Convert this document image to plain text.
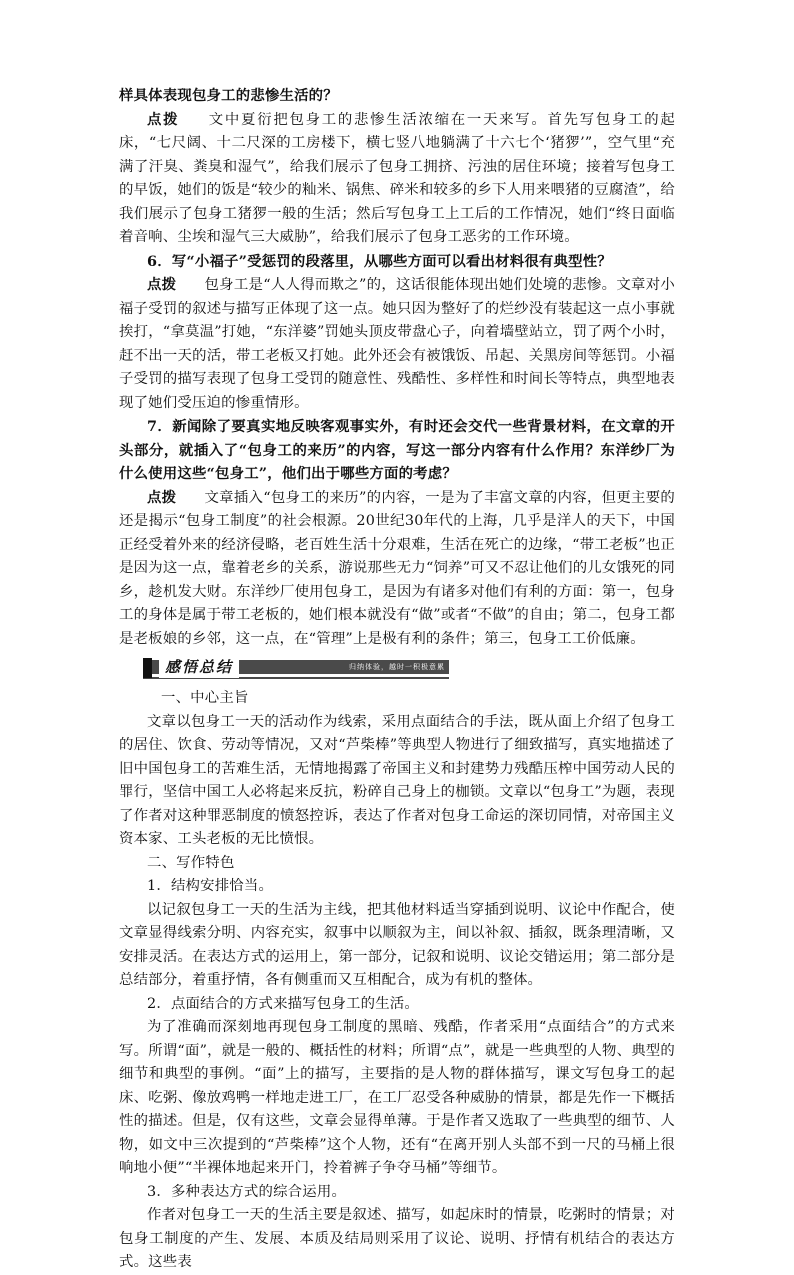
样具体表现包身工的悲惨生活的？

点拨 文中夏衍把包身工的悲惨生活浓缩在一天来写。首先写包身工的起床，“七尺阔、十二尺深的工房楼下，横七竖八地躺满了十六七个‘猪猡’”，空气里“充满了汗臭、粪臭和湿气”，给我们展示了包身工拥挤、污浊的居住环境；接着写包身工的早饭，她们的饭是“较少的籼米、锅焦、碎米和较多的乡下人用来喂猪的豆腐渣”，给我们展示了包身工猪猡一般的生活；然后写包身工上工后的工作情况，她们“终日面临着音响、尘埃和湿气三大威胁”，给我们展示了包身工恶劣的工作环境。

6．写“小福子”受惩罚的段落里，从哪些方面可以看出材料很有典型性？

点拨 包身工是“人人得而欺之”的，这话很能体现出她们处境的悲惨。文章对小福子受罚的叙述与描写正体现了这一点。她只因为整好了的烂纱没有装起这一点小事就挨打，“拿莫温”打她，“东洋婆”罚她头顶皮带盘心子，向着墙壁站立，罚了两个小时，赶不出一天的活，带工老板又打她。此外还会有被饿饭、吊起、关黑房间等惩罚。小福子受罚的描写表现了包身工受罚的随意性、残酷性、多样性和时间长等特点，典型地表现了她们受压迫的惨重情形。

7．新闻除了要真实地反映客观事实外，有时还会交代一些背景材料，在文章的开头部分，就插入了“包身工的来历”的内容，写这一部分内容有什么作用？东洋纱厂为什么使用这些“包身工”，他们出于哪些方面的考虑？

点拨 文章插入“包身工的来历”的内容，一是为了丰富文章的内容，但更主要的还是揭示“包身工制度”的社会根源。20世纪30年代的上海，几乎是洋人的天下，中国正经受着外来的经济侵略，老百姓生活十分艰难，生活在死亡的边缘，“带工老板”也正是因为这一点，靠着老乡的关系，游说那些无力“饲养”可又不忍让他们的儿女饿死的同乡，趁机发大财。东洋纱厂使用包身工，是因为有诸多对他们有利的方面：第一，包身工的身体是属于带工老板的，她们根本就没有“做”或者“不做”的自由；第二，包身工都是老板娘的乡邻，这一点，在“管理”上是极有利的条件；第三，包身工工价低廉。

感悟总结	归纳体验，越时一积极意累

一、中心主旨

文章以包身工一天的活动作为线索，采用点面结合的手法，既从面上介绍了包身工的居住、饮食、劳动等情况，又对“芦柴棒”等典型人物进行了细致描写，真实地描述了旧中国包身工的苦难生活，无情地揭露了帝国主义和封建势力残酷压榨中国劳动人民的罪行，坚信中国工人必将起来反抗，粉碎自己身上的枷锁。文章以“包身工”为题，表现了作者对这种罪恶制度的愤怒控诉，表达了作者对包身工命运的深切同情，对帝国主义资本家、工头老板的无比愤恨。

二、写作特色

1．结构安排恰当。

以记叙包身工一天的生活为主线，把其他材料适当穿插到说明、议论中作配合，使文章显得线索分明、内容充实，叙事中以顺叙为主，间以补叙、插叙，既条理清晰，又安排灵活。在表达方式的运用上，第一部分，记叙和说明、议论交错运用；第二部分是总结部分，着重抒情，各有侧重而又互相配合，成为有机的整体。

2．点面结合的方式来描写包身工的生活。

为了准确而深刻地再现包身工制度的黑暗、残酷，作者采用“点面结合”的方式来写。所谓“面”，就是一般的、概括性的材料；所谓“点”，就是一些典型的人物、典型的细节和典型的事例。“面”上的描写，主要指的是人物的群体描写，课文写包身工的起床、吃粥、像放鸡鸭一样地走进工厂，在工厂忍受各种威胁的情景，都是先作一下概括性的描述。但是，仅有这些，文章会显得单薄。于是作者又选取了一些典型的细节、人物，如文中三次提到的“芦柴棒”这个人物，还有“在离开别人头部不到一尺的马桶上很响地小便”“半裸体地起来开门，拎着裤子争夺马桶”等细节。

3．多种表达方式的综合运用。

作者对包身工一天的生活主要是叙述、描写，如起床时的情景，吃粥时的情景；对包身工制度的产生、发展、本质及结局则采用了议论、说明、抒情有机结合的表达方式。这些表
